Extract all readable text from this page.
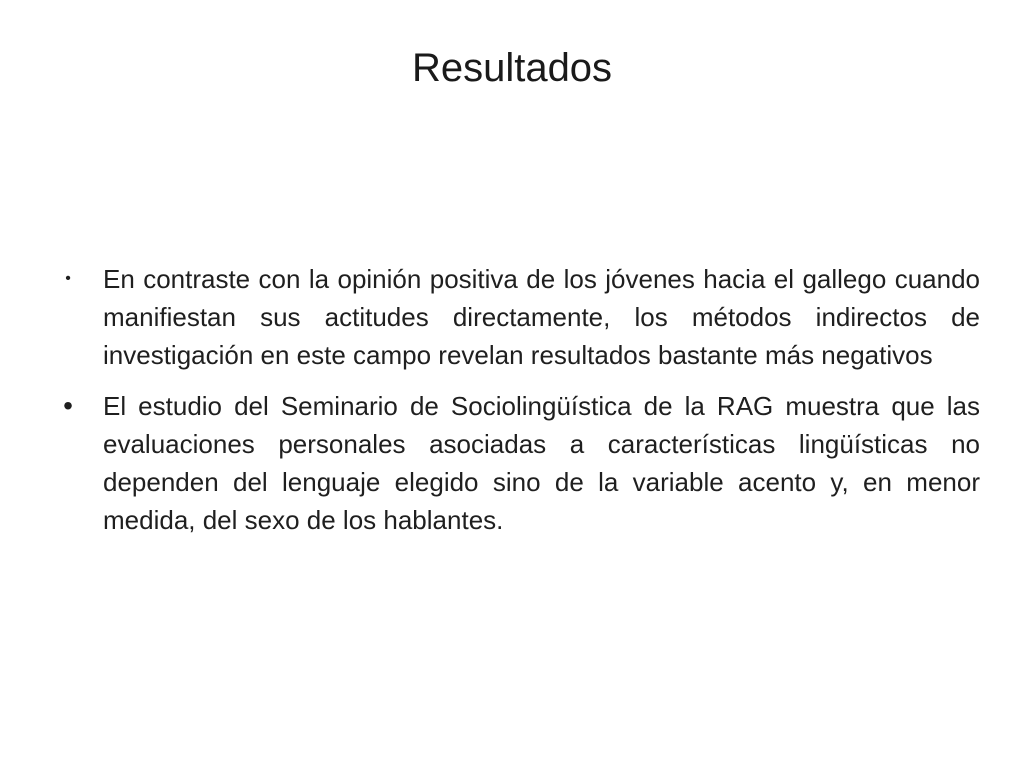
Resultados
• En contraste con la opinión positiva de los jóvenes hacia el gallego cuando manifiestan sus actitudes directamente, los métodos indirectos de investigación en este campo revelan resultados bastante más negativos
• El estudio del Seminario de Sociolingüística de la RAG muestra que las evaluaciones personales asociadas a características lingüísticas no dependen del lenguaje elegido sino de la variable acento y, en menor medida, del sexo de los hablantes.
